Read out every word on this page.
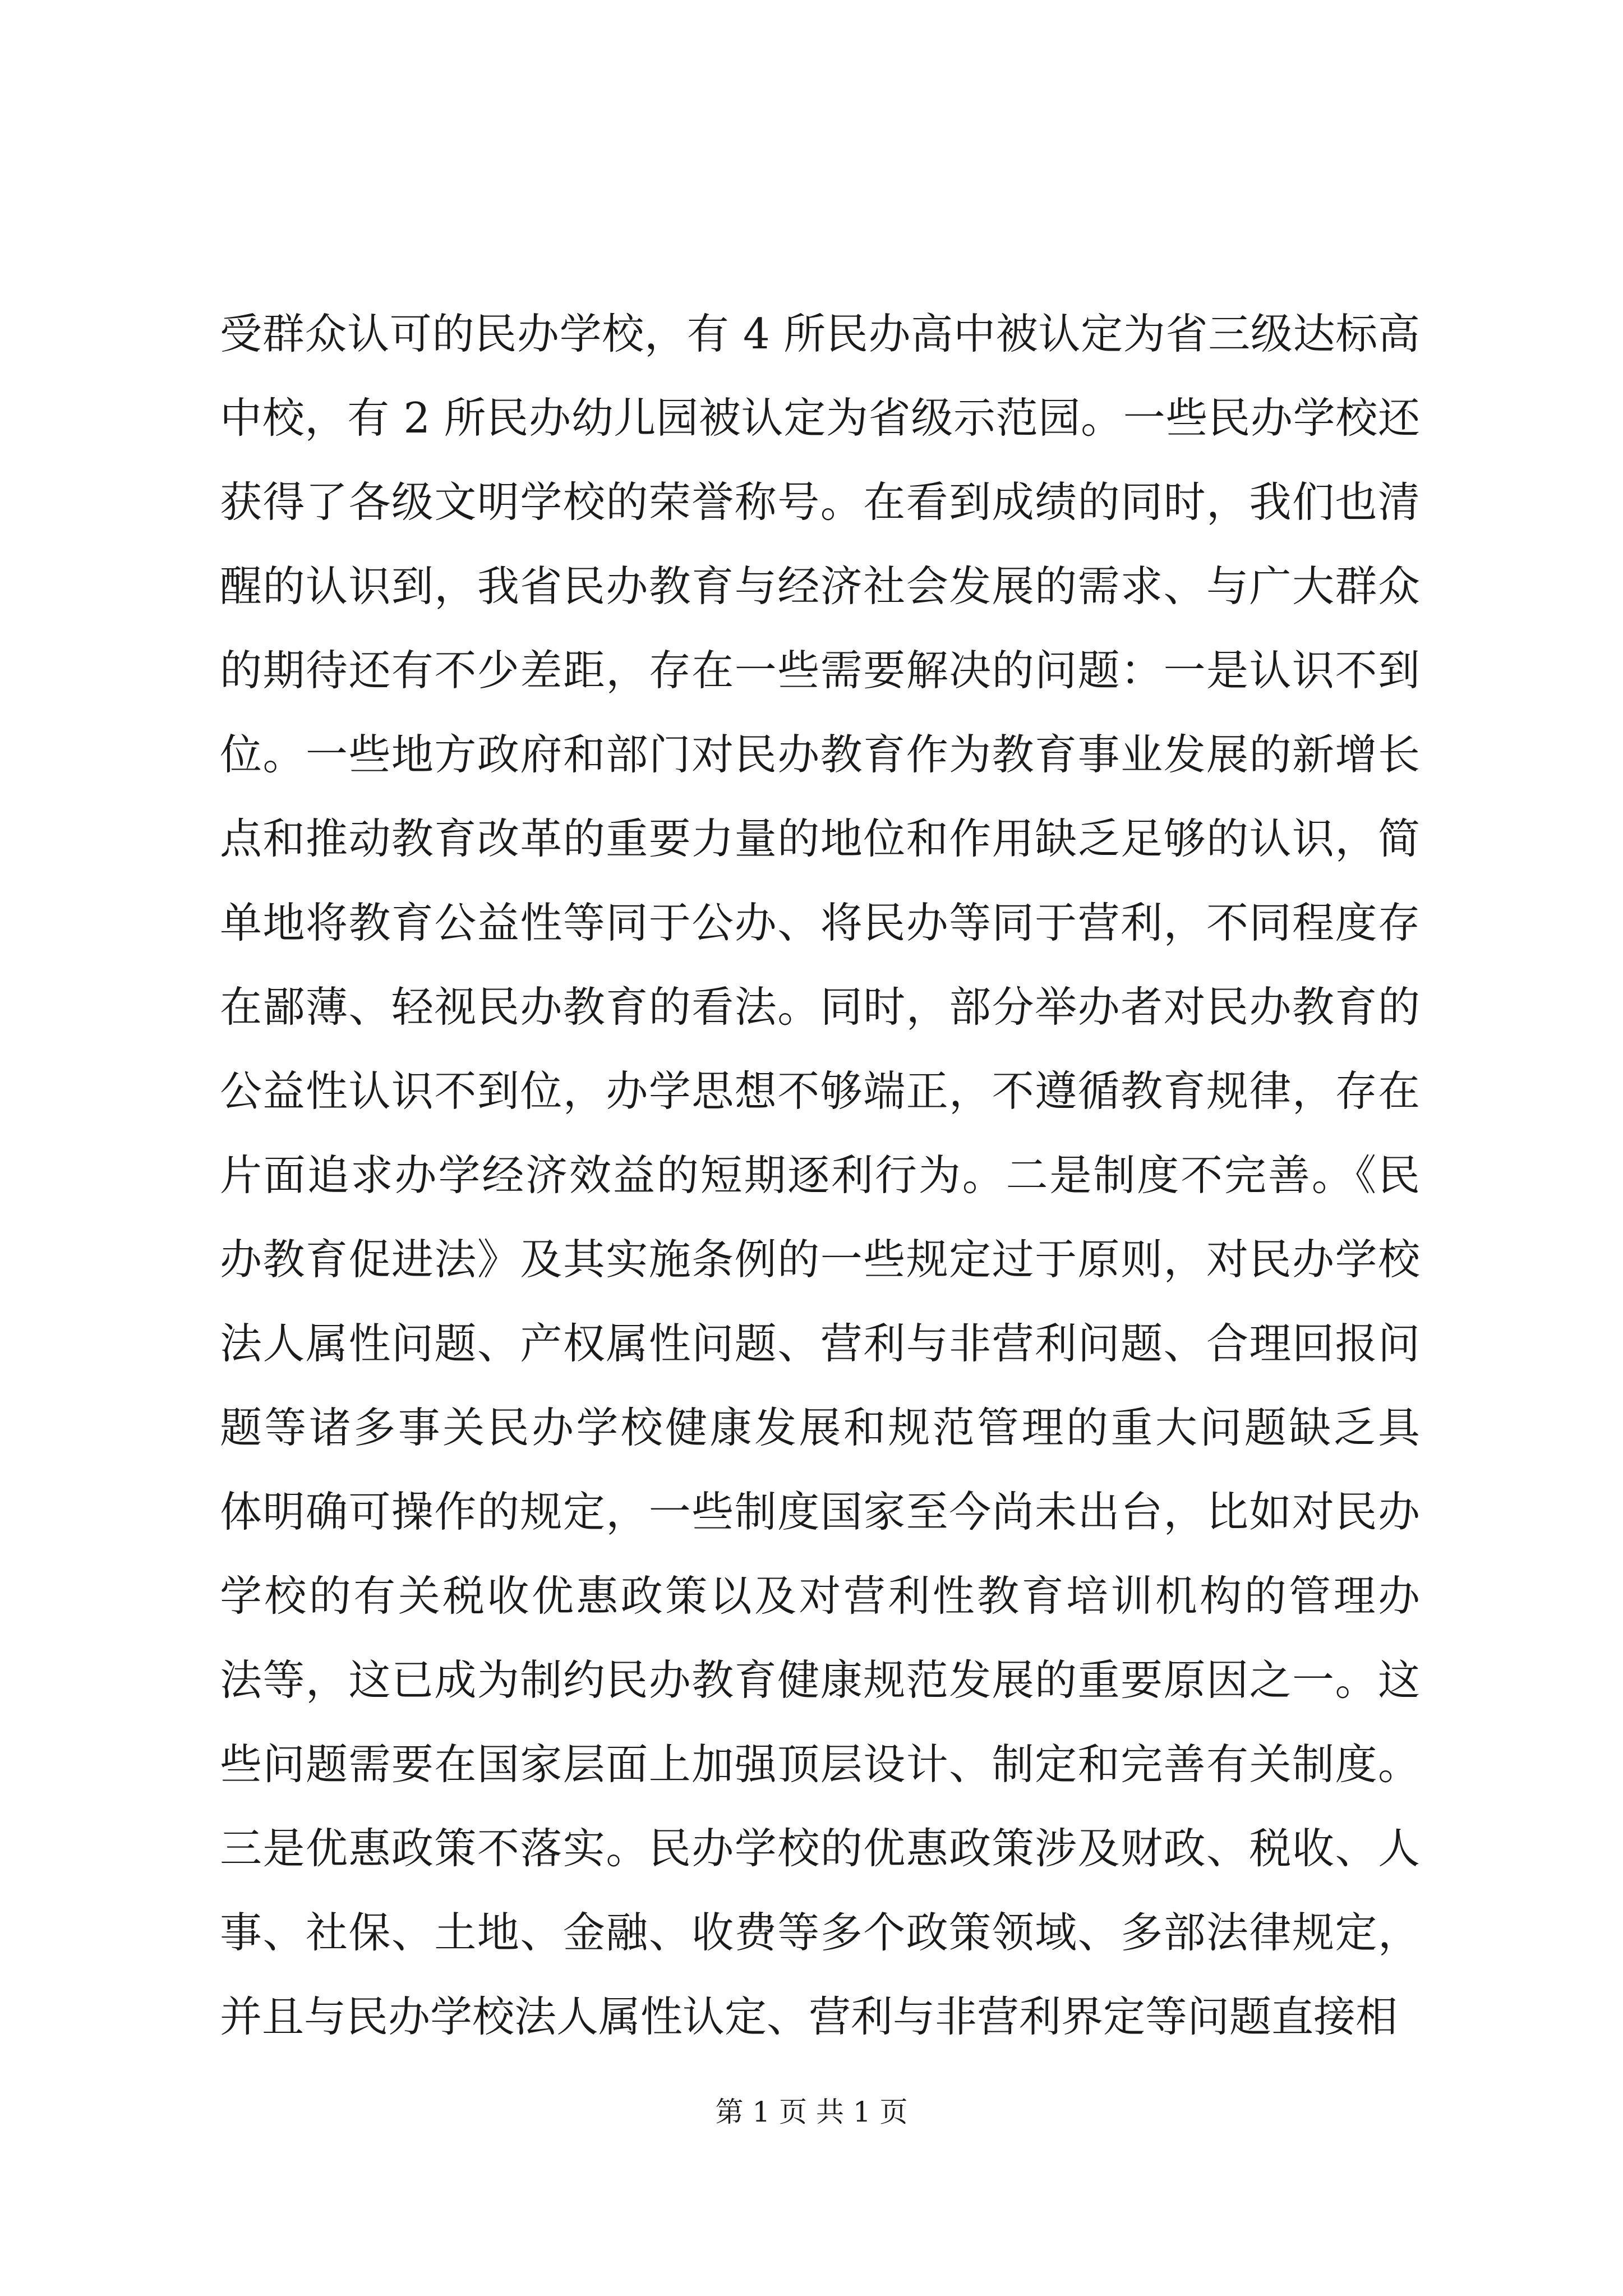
受群众认可的民办学校，有 4 所民办高中被认定为省三级达标高
中校，有 2 所民办幼儿园被认定为省级示范园。一些民办学校还
获得了各级文明学校的荣誉称号。在看到成绩的同时，我们也清
醒的认识到，我省民办教育与经济社会发展的需求、与广大群众
的期待还有不少差距，存在一些需要解决的问题：一是认识不到
位。一些地方政府和部门对民办教育作为教育事业发展的新增长
点和推动教育改革的重要力量的地位和作用缺乏足够的认识，简
单地将教育公益性等同于公办、将民办等同于营利，不同程度存
在鄙薄、轻视民办教育的看法。同时，部分举办者对民办教育的
公益性认识不到位，办学思想不够端正，不遵循教育规律，存在
片面追求办学经济效益的短期逐利行为。二是制度不完善。《民
办教育促进法》及其实施条例的一些规定过于原则，对民办学校
法人属性问题、产权属性问题、营利与非营利问题、合理回报问
题等诸多事关民办学校健康发展和规范管理的重大问题缺乏具
体明确可操作的规定，一些制度国家至今尚未出台，比如对民办
学校的有关税收优惠政策以及对营利性教育培训机构的管理办
法等，这已成为制约民办教育健康规范发展的重要原因之一。这
些问题需要在国家层面上加强顶层设计、制定和完善有关制度。
三是优惠政策不落实。民办学校的优惠政策涉及财政、税收、人
事、社保、土地、金融、收费等多个政策领域、多部法律规定，
并且与民办学校法人属性认定、营利与非营利界定等问题直接相
第 1 页 共 1 页
